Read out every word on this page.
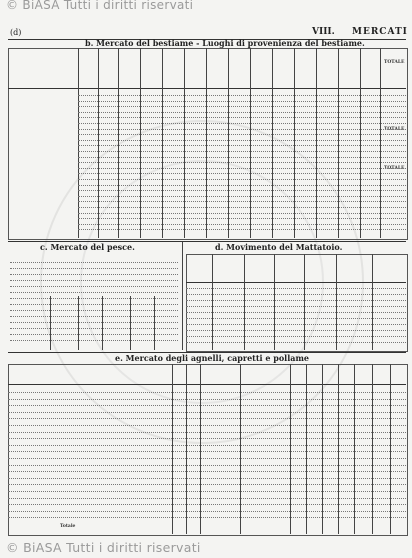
© BiASA Tutti i diritti riservati
(d)	VIII. MERCATI
b. Mercato del bestiame - Luoghi di provenienza del bestiame.
TOTALE
TOTALE
TOTALE
c. Mercato del pesce.	d. Movimento del Mattatoio.
e. Mercato degli agnelli, capretti e pollame
Totale
© BiASA Tutti i diritti riservati
